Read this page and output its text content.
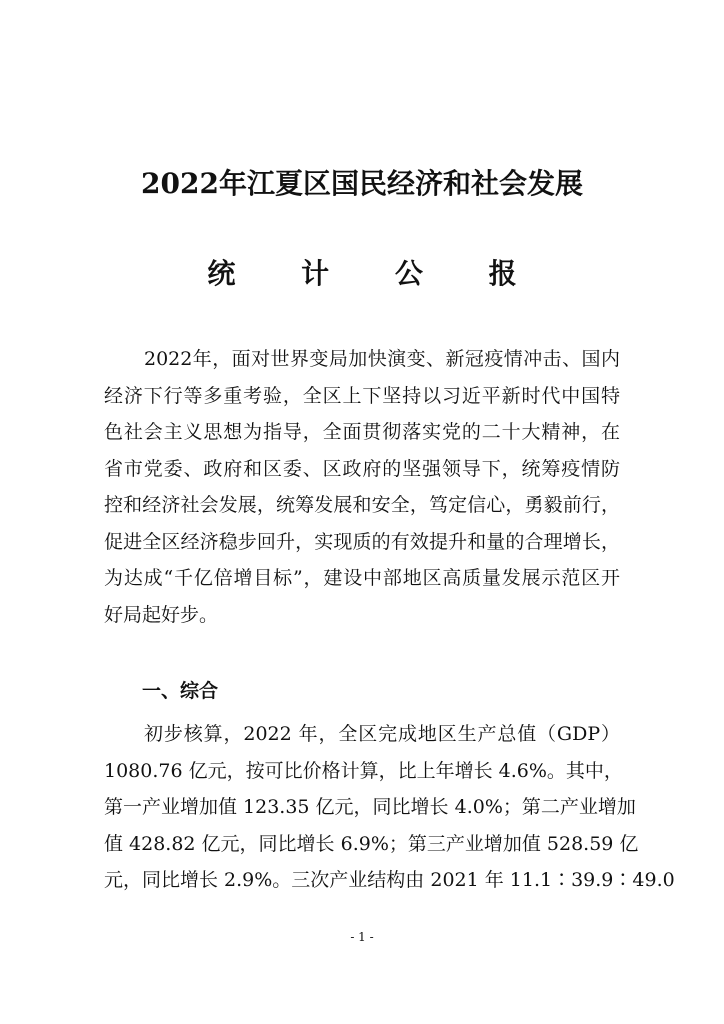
2022年江夏区国民经济和社会发展
统 计 公 报
2022年，面对世界变局加快演变、新冠疫情冲击、国内
经济下行等多重考验，全区上下坚持以习近平新时代中国特
色社会主义思想为指导，全面贯彻落实党的二十大精神，在
省市党委、政府和区委、区政府的坚强领导下，统筹疫情防
控和经济社会发展，统筹发展和安全，笃定信心，勇毅前行，
促进全区经济稳步回升，实现质的有效提升和量的合理增长，
为达成“千亿倍增目标”，建设中部地区高质量发展示范区开
好局起好步。
一、综合
初步核算，2022 年，全区完成地区生产总值（GDP）
1080.76 亿元，按可比价格计算，比上年增长 4.6%。其中，
第一产业增加值 123.35 亿元，同比增长 4.0%；第二产业增加
值 428.82 亿元，同比增长 6.9%；第三产业增加值 528.59 亿
元，同比增长 2.9%。三次产业结构由 2021 年 11.1∶39.9∶49.0
- 1 -
